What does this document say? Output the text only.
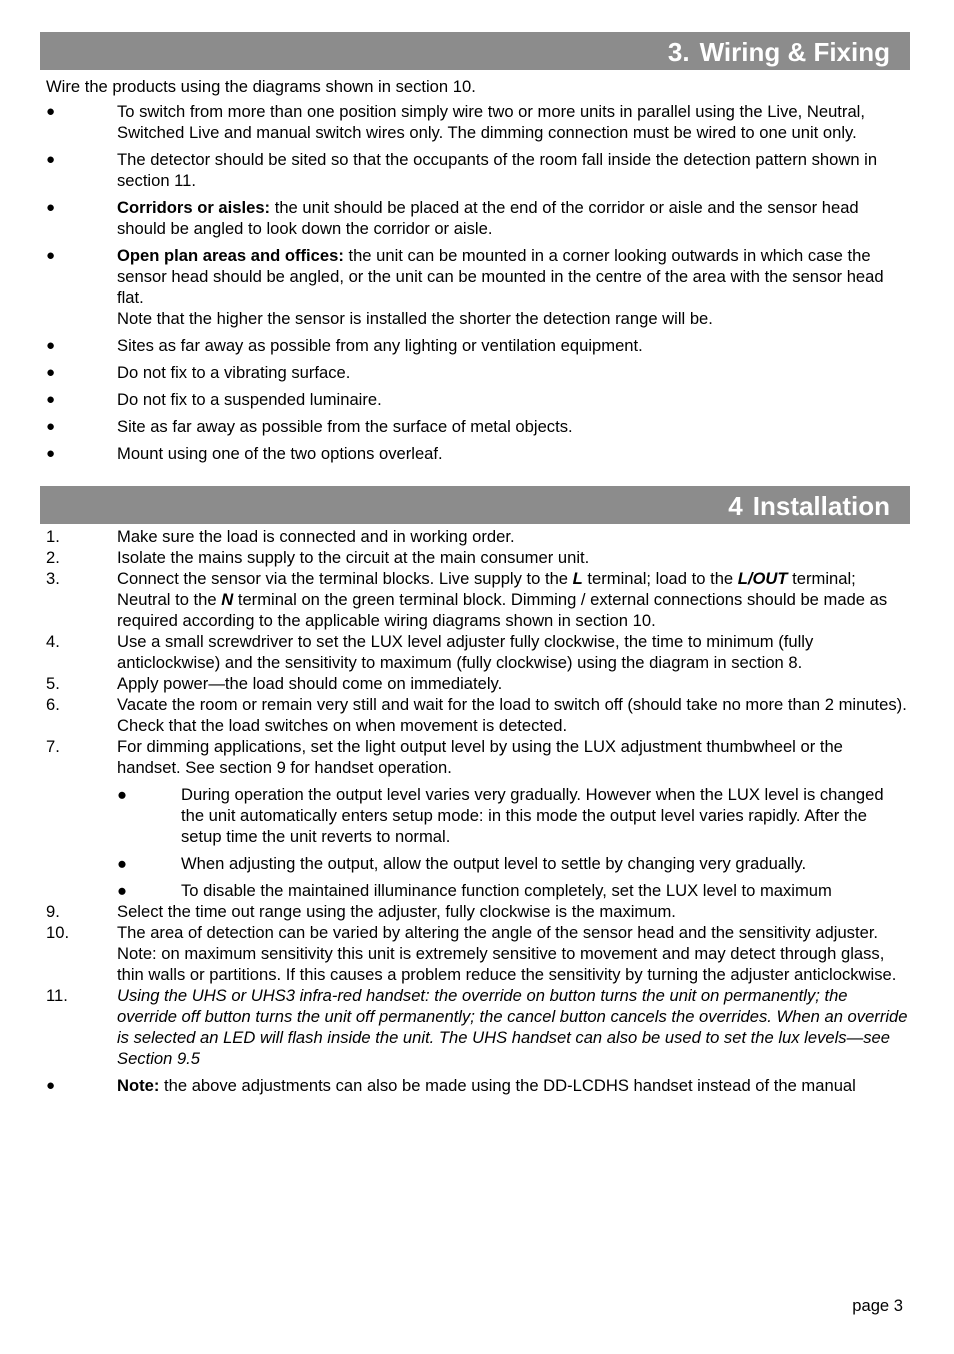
3. Wiring & Fixing
Wire the products using the diagrams shown in section 10.
●	To switch from more than one position simply wire two or more units in parallel using the Live, Neutral, Switched Live and manual switch wires only. The dimming connection must be wired to one unit only.
●	The detector should be sited so that the occupants of the room fall inside the detection pattern shown in section 11.
●	Corridors or aisles: the unit should be placed at the end of the corridor or aisle and the sensor head should be angled to look down the corridor or aisle.
●	Open plan areas and offices: the unit can be mounted in a corner looking outwards in which case the sensor head should be angled, or the unit can be mounted in the centre of the area with the sensor head flat.
Note that the higher the sensor is installed the shorter the detection range will be.
●	Sites as far away as possible from any lighting or ventilation equipment.
●	Do not fix to a vibrating surface.
●	Do not fix to a suspended luminaire.
●	Site as far away as possible from the surface of metal objects.
●	Mount using one of the two options overleaf.
4 Installation
1.	Make sure the load is connected and in working order.
2.	Isolate the mains supply to the circuit at the main consumer unit.
3.	Connect the sensor via the terminal blocks. Live supply to the L terminal; load to the L/OUT terminal; Neutral to the N terminal on the green terminal block. Dimming / external connections should be made as required according to the applicable wiring diagrams shown in section 10.
4.	Use a small screwdriver to set the LUX level adjuster fully clockwise, the time to minimum (fully anticlockwise) and the sensitivity to maximum (fully clockwise) using the diagram in section 8.
5.	Apply power—the load should come on immediately.
6.	Vacate the room or remain very still and wait for the load to switch off (should take no more than 2 minutes).
Check that the load switches on when movement is detected.
7.	For dimming applications, set the light output level by using the LUX adjustment thumbwheel or the handset. See section 9 for handset operation.
●	During operation the output level varies very gradually. However when the LUX level is changed the unit automatically enters setup mode: in this mode the output level varies rapidly. After the setup time the unit reverts to normal.
●	When adjusting the output, allow the output level to settle by changing very gradually.
●	To disable the maintained illuminance function completely, set the LUX level to maximum
9.	Select the time out range using the adjuster, fully clockwise is the maximum.
10.	The area of detection can be varied by altering the angle of the sensor head and the sensitivity adjuster. Note: on maximum sensitivity this unit is extremely sensitive to movement and may detect through glass, thin walls or partitions. If this causes a problem reduce the sensitivity by turning the adjuster anticlockwise.
11.	Using the UHS or UHS3 infra-red handset: the override on button turns the unit on permanently; the override off button turns the unit off permanently; the cancel button cancels the overrides. When an override is selected an LED will flash inside the unit. The UHS handset can also be used to set the lux levels—see Section 9.5
●	Note: the above adjustments can also be made using the DD-LCDHS handset instead of the manual
page 3
